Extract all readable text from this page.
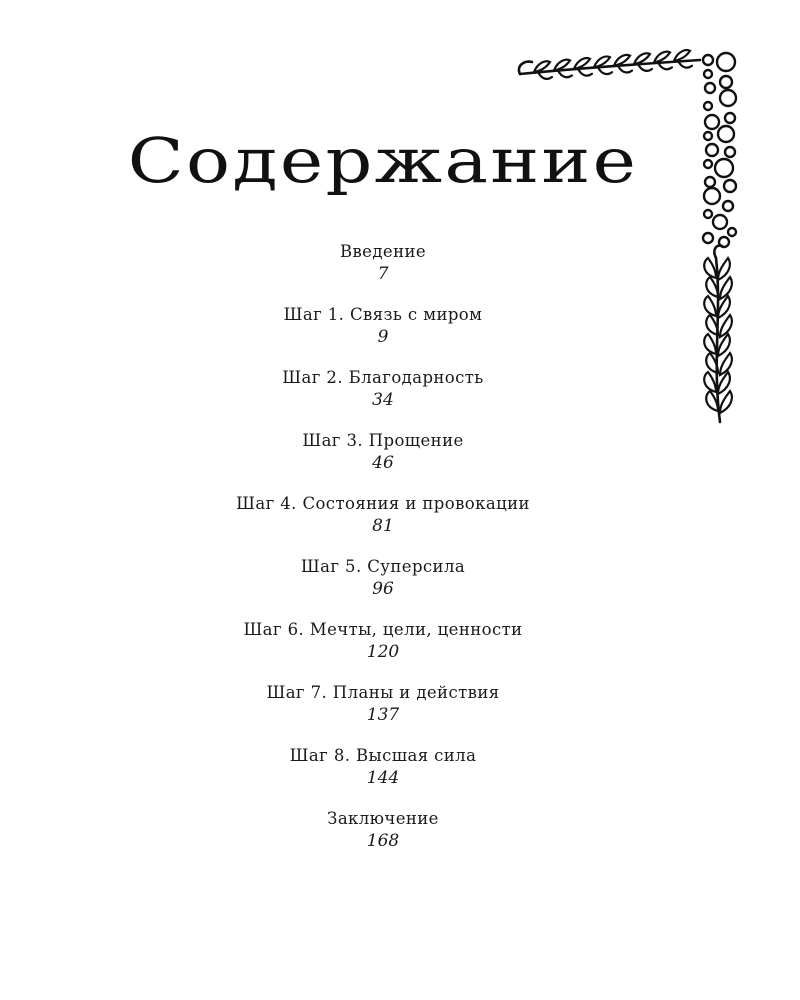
Содержание
Введение
7
Шаг 1. Связь с миром
9
Шаг 2. Благодарность
34
Шаг 3. Прощение
46
Шаг 4. Состояния и провокации
81
Шаг 5. Суперсила
96
Шаг 6. Мечты, цели, ценности
120
Шаг 7. Планы и действия
137
Шаг 8. Высшая сила
144
Заключение
168
